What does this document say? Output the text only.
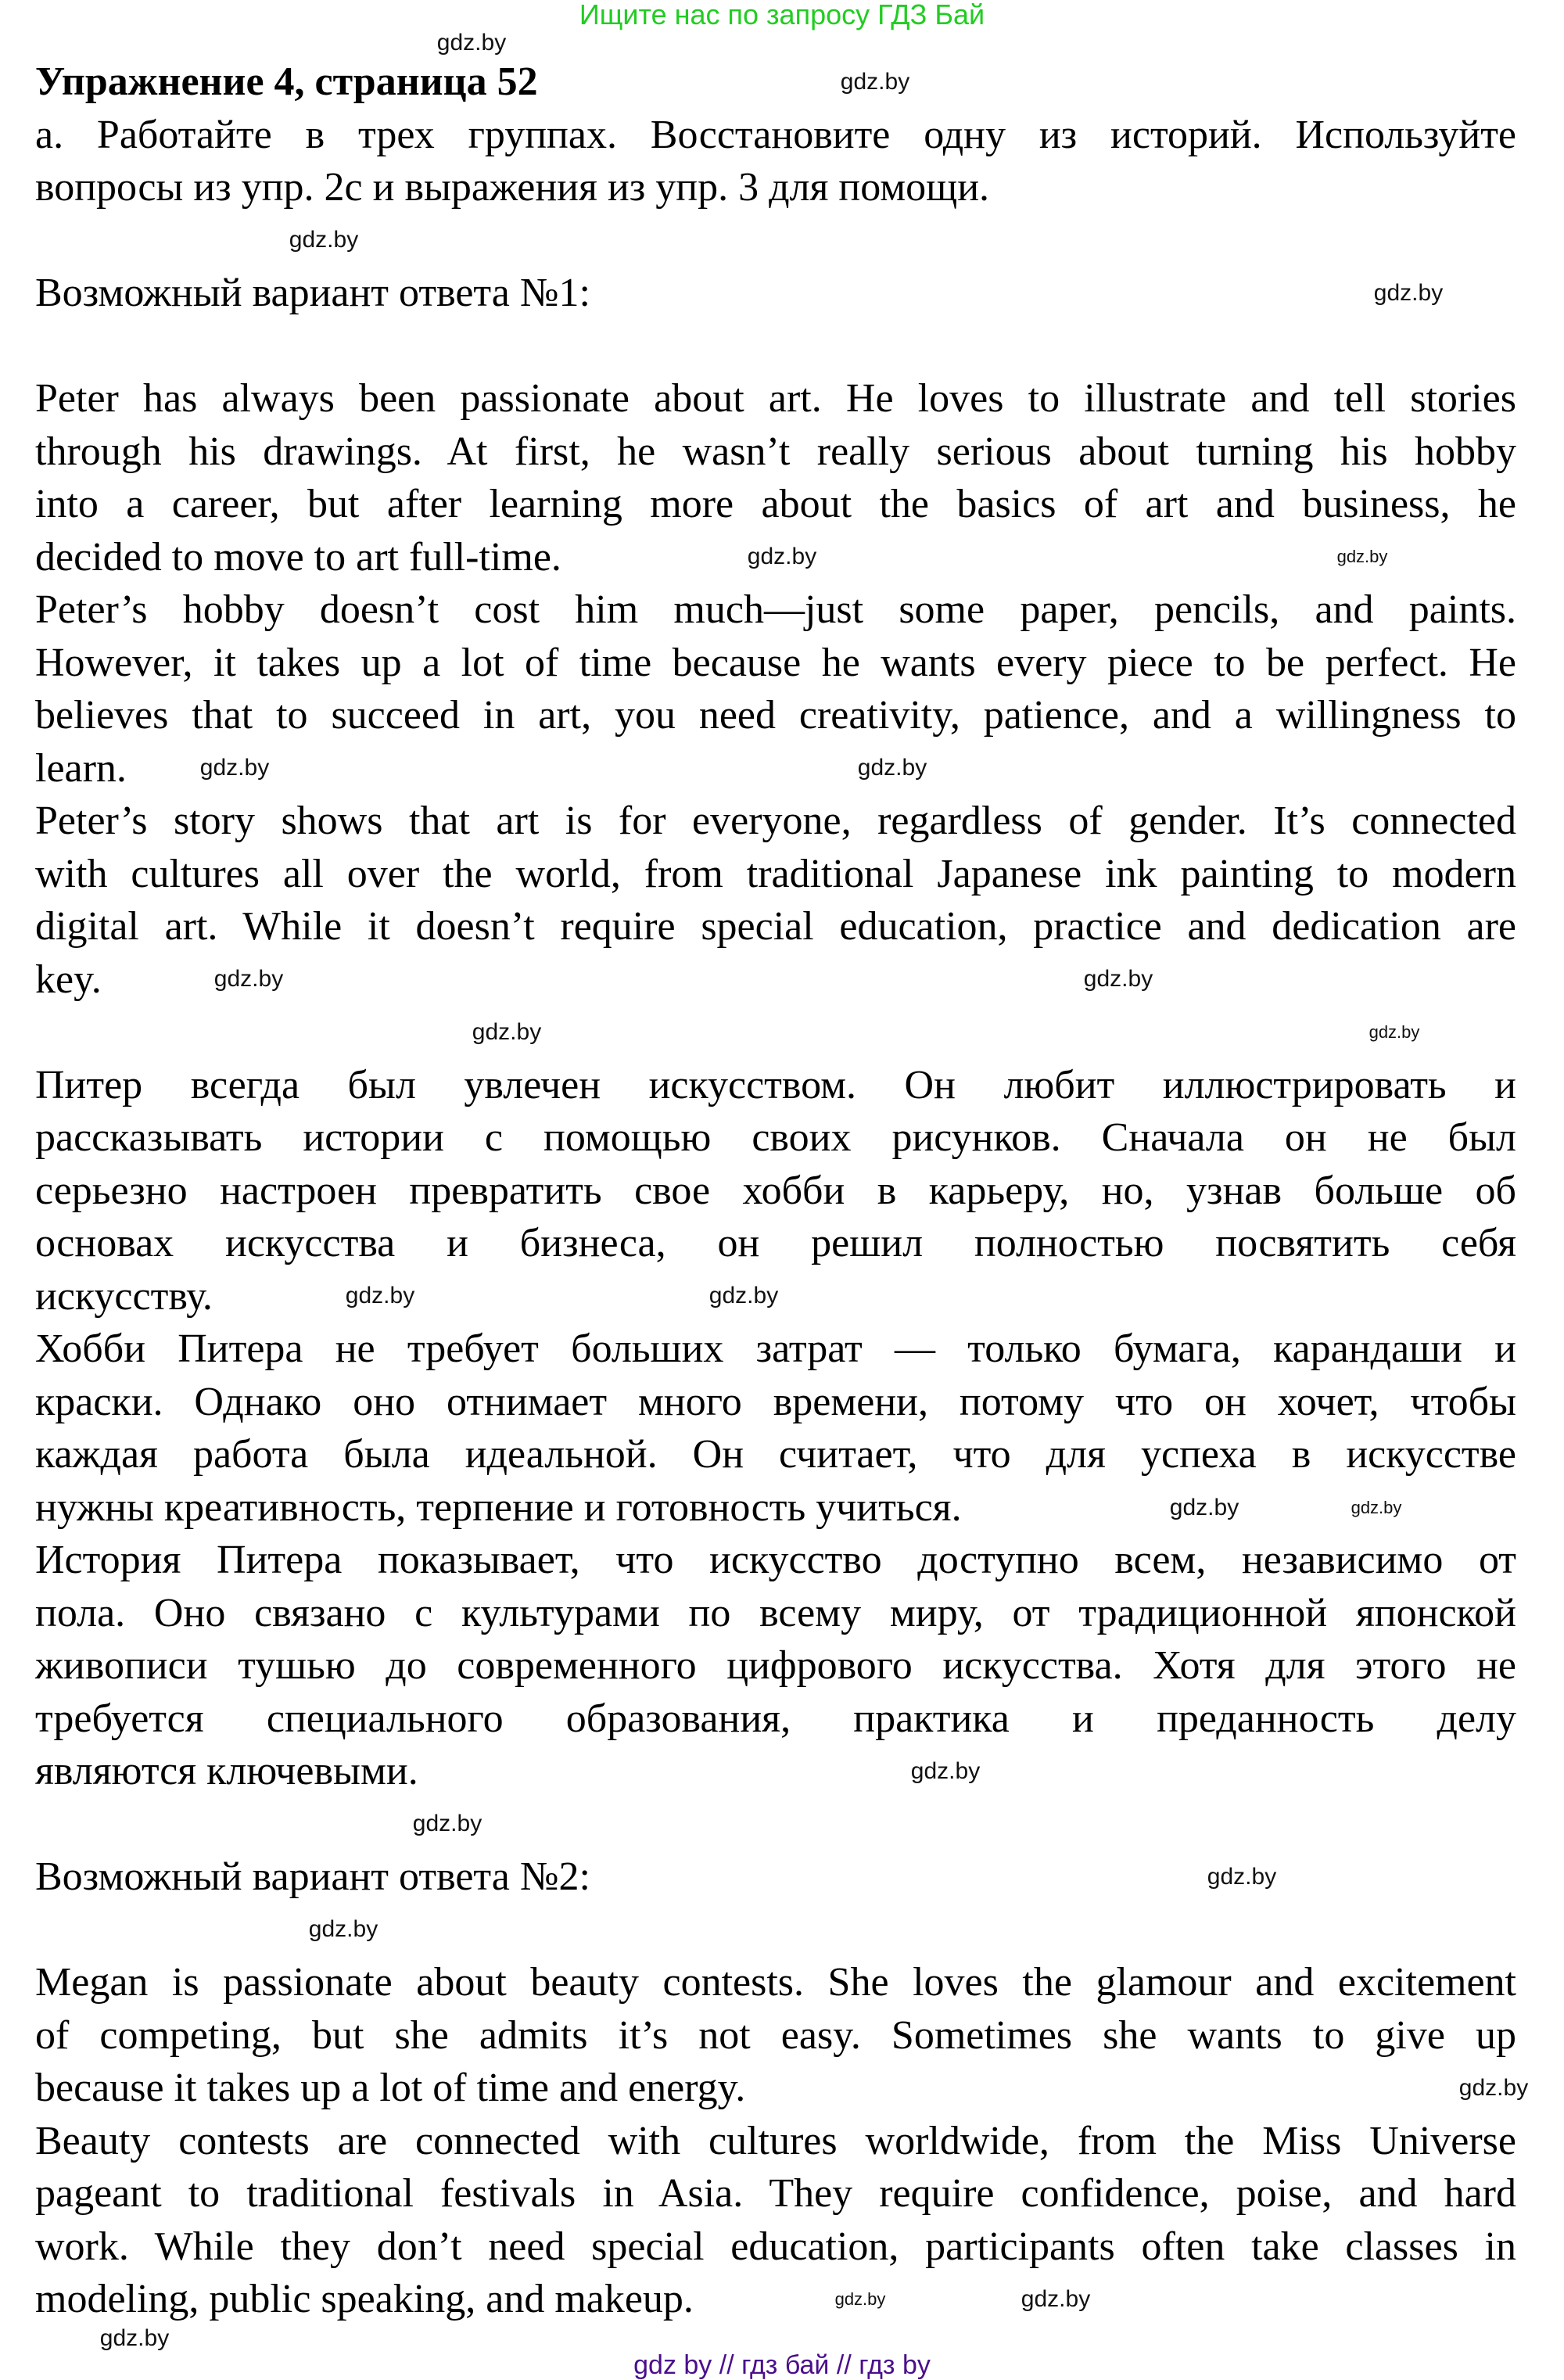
Ищите нас по запросу ГДЗ Бай
Упражнение 4, страница 52
a. Работайте в трех группах. Восстановите одну из историй. Используйте
вопросы из упр. 2c и выражения из упр. 3 для помощи.
Возможный вариант ответа №1:
Peter has always been passionate about art. He loves to illustrate and tell stories
through his drawings. At first, he wasn’t really serious about turning his hobby
into a career, but after learning more about the basics of art and business, he
decided to move to art full-time.
Peter’s hobby doesn’t cost him much—just some paper, pencils, and paints.
However, it takes up a lot of time because he wants every piece to be perfect. He
believes that to succeed in art, you need creativity, patience, and a willingness to
learn.
Peter’s story shows that art is for everyone, regardless of gender. It’s connected
with cultures all over the world, from traditional Japanese ink painting to modern
digital art. While it doesn’t require special education, practice and dedication are
key.
Питер всегда был увлечен искусством. Он любит иллюстрировать и
рассказывать истории с помощью своих рисунков. Сначала он не был
серьезно настроен превратить свое хобби в карьеру, но, узнав больше об
основах искусства и бизнеса, он решил полностью посвятить себя
искусству.
Хобби Питера не требует больших затрат — только бумага, карандаши и
краски. Однако оно отнимает много времени, потому что он хочет, чтобы
каждая работа была идеальной. Он считает, что для успеха в искусстве
нужны креативность, терпение и готовность учиться.
История Питера показывает, что искусство доступно всем, независимо от
пола. Оно связано с культурами по всему миру, от традиционной японской
живописи тушью до современного цифрового искусства. Хотя для этого не
требуется специального образования, практика и преданность делу
являются ключевыми.
Возможный вариант ответа №2:
Megan is passionate about beauty contests. She loves the glamour and excitement
of competing, but she admits it’s not easy. Sometimes she wants to give up
because it takes up a lot of time and energy.
Beauty contests are connected with cultures worldwide, from the Miss Universe
pageant to traditional festivals in Asia. They require confidence, poise, and hard
work. While they don’t need special education, participants often take classes in
modeling, public speaking, and makeup.
gdz.by
gdz.by
gdz.by
gdz.by
gdz.by
gdz.by
gdz.by	gdz.by
gdz.by
gdz.by
gdz.by
gdz.by
gdz.by
gdz.by
gdz.by
gdz.by
gdz.by
gdz.by
gdz.by
gdz.by
gdz.by
gdz.by	gdz.by
gdz.by
gdz by // гдз бай // гдз by
